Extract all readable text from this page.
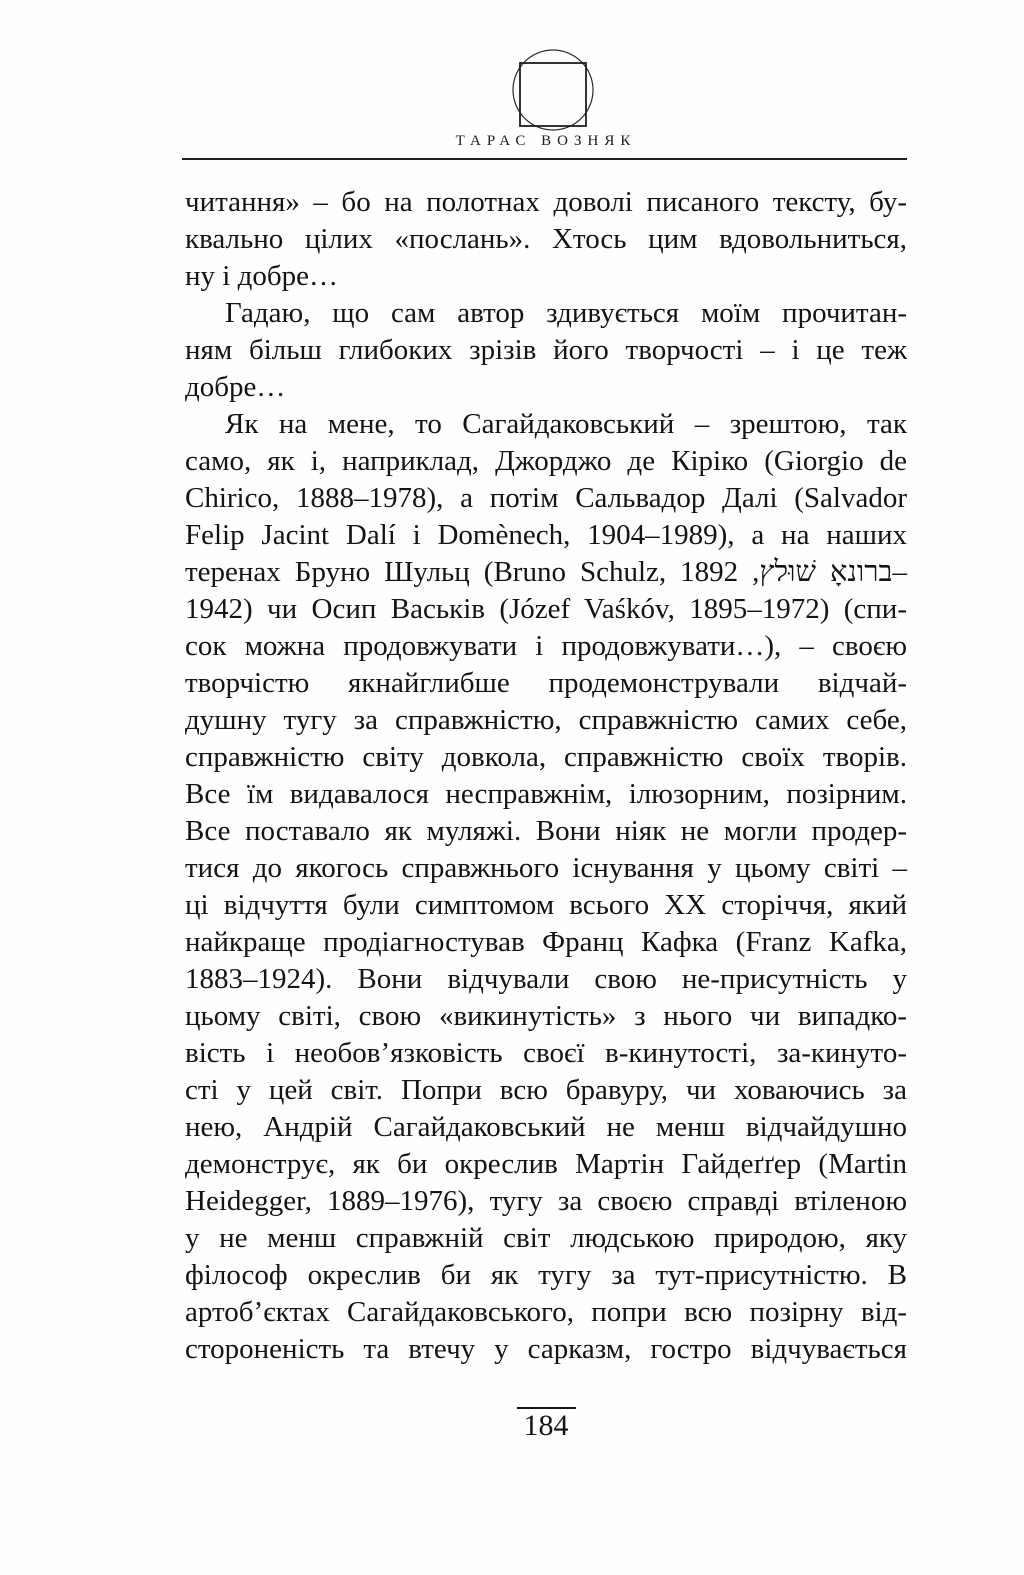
ТАРАС ВОЗНЯК
читання» – бо на полотнах доволі писаного тексту, бу-
квально цілих «послань». Хтось цим вдовольниться,
ну і добре…
Гадаю, що сам автор здивується моїм прочитан-
ням більш глибоких зрізів його творчості – і це теж
добре…
Як на мене, то Сагайдаковський – зрештою, так
само, як і, наприклад, Джорджо де Кіріко (Giorgio de
Chirico, 1888–1978), а потім Сальвадор Далі (Salvador
Felip Jacint Dalí i Domènech, 1904–1989), а на наших
теренах Бруно Шульц (Bruno Schulz, ברונאָ שׁוּלץ, 1892–
1942) чи Осип Васьків (Józef Vaśkóv, 1895–1972) (спи-
сок можна продовжувати і продовжувати…), – своєю
творчістю якнайглибше продемонстрували відчай-
душну тугу за справжністю, справжністю самих себе,
справжністю світу довкола, справжністю своїх творів.
Все їм видавалося несправжнім, ілюзорним, позірним.
Все поставало як муляжі. Вони ніяк не могли продер-
тися до якогось справжнього існування у цьому світі –
ці відчуття були симптомом всього ХХ сторіччя, який
найкраще продіагностував Франц Кафка (Franz Kafka,
1883–1924). Вони відчували свою не-присутність у
цьому світі, свою «викинутість» з нього чи випадко-
вість і необов’язковість своєї в-кинутості, за-кинуто-
сті у цей світ. Попри всю бравуру, чи ховаючись за
нею, Андрій Сагайдаковський не менш відчайдушно
демонструє, як би окреслив Мартін Гайдеґґер (Martin
Heidegger, 1889–1976), тугу за своєю справді втіленою
у не менш справжній світ людською природою, яку
філософ окреслив би як тугу за тут-присутністю. В
артоб’єктах Сагайдаковського, попри всю позірну від-
стороненість та втечу у сарказм, гостро відчувається
184
